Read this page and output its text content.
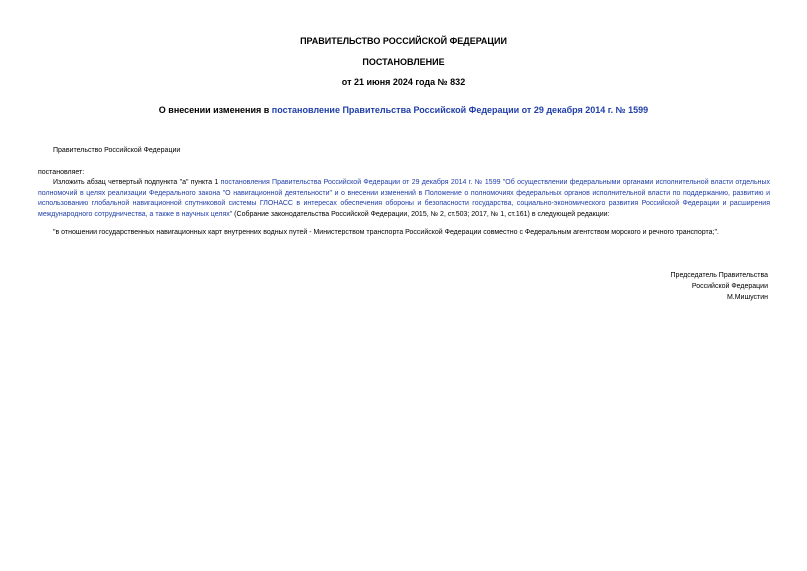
ПРАВИТЕЛЬСТВО РОССИЙСКОЙ ФЕДЕРАЦИИ
ПОСТАНОВЛЕНИЕ
от 21 июня 2024 года № 832
О внесении изменения в постановление Правительства Российской Федерации от 29 декабря 2014 г. № 1599
Правительство Российской Федерации
постановляет:
Изложить абзац четвертый подпункта "а" пункта 1 постановления Правительства Российской Федерации от 29 декабря 2014 г. № 1599 "Об осуществлении федеральными органами исполнительной власти отдельных полномочий в целях реализации Федерального закона "О навигационной деятельности" и о внесении изменений в Положение о полномочиях федеральных органов исполнительной власти по поддержанию, развитию и использованию глобальной навигационной спутниковой системы ГЛОНАСС в интересах обеспечения обороны и безопасности государства, социально-экономического развития Российской Федерации и расширения международного сотрудничества, а также в научных целях" (Собрание законодательства Российской Федерации, 2015, № 2, ст.503; 2017, № 1, ст.161) в следующей редакции:
"в отношении государственных навигационных карт внутренних водных путей - Министерством транспорта Российской Федерации совместно с Федеральным агентством морского и речного транспорта;".
Председатель Правительства
Российской Федерации
М.Мишустин
